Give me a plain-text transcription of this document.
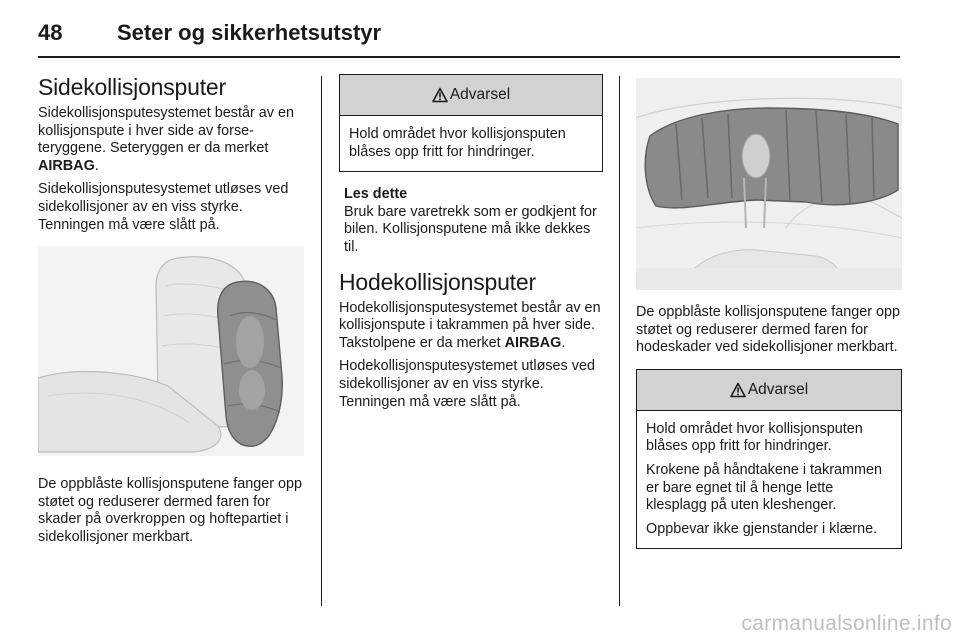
48 Seter og sikkerhetsutstyr
Sidekollisjonsputer

Sidekollisjonsputesystemet består av en kollisjonspute i hver side av forseteryggene. Seteryggen er da merket AIRBAG.

Sidekollisjonsputesystemet utløses ved sidekollisjoner av en viss styrke. Tenningen må være slått på.

De oppblåste kollisjonsputene fanger opp støtet og reduserer dermed faren for skader på overkroppen og hoftepartiet i sidekollisjoner merkbart.

Advarsel

Hold området hvor kollisjonsputen blåses opp fritt for hindringer.

Les dette

Bruk bare varetrekk som er godkjent for bilen. Kollisjonsputene må ikke dekkes til.

Hodekollisjonsputer

Hodekollisjonsputesystemet består av en kollisjonspute i takrammen på hver side. Takstolpene er da merket AIRBAG.

Hodekollisjonsputesystemet utløses ved sidekollisjoner av en viss styrke. Tenningen må være slått på.

De oppblåste kollisjonsputene fanger opp støtet og reduserer dermed faren for hodeskader ved sidekollisjoner merkbart.

Advarsel

Hold området hvor kollisjonsputen blåses opp fritt for hindringer.

Krokene på håndtakene i takrammen er bare egnet til å henge lette klesplagg på uten kleshenger.

Oppbevar ikke gjenstander i klærne.

carmanualsonline.info
